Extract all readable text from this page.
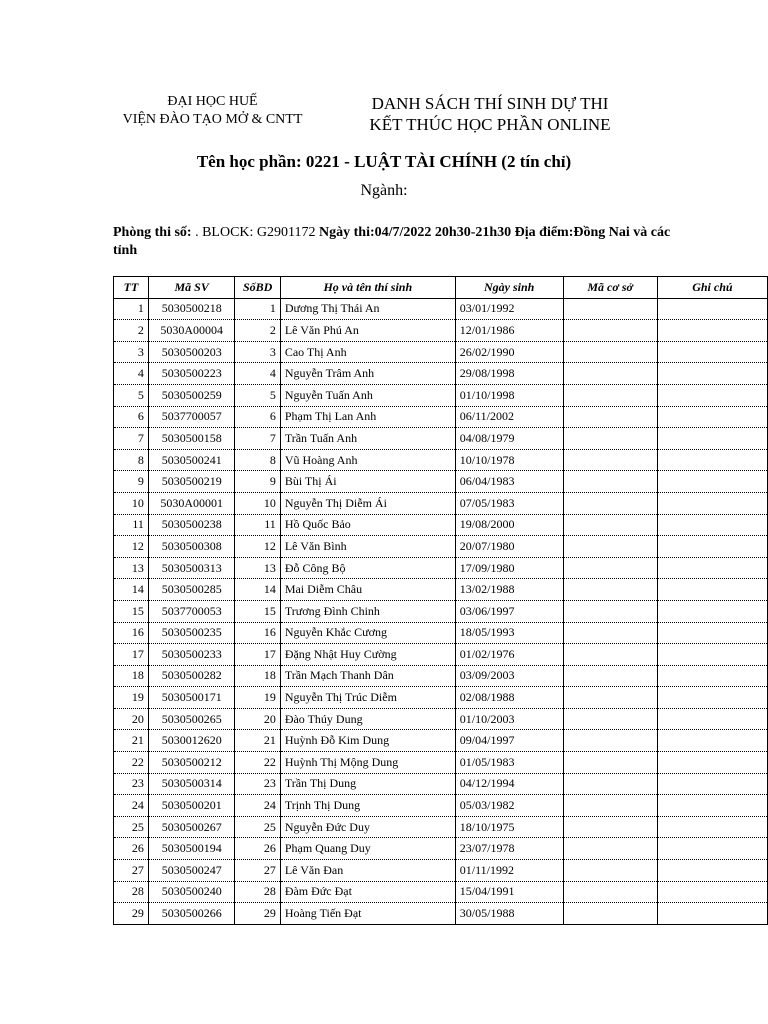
ĐẠI HỌC HUẾ
VIỆN ĐÀO TẠO MỞ & CNTT
DANH SÁCH THÍ SINH DỰ THI
KẾT THÚC HỌC PHẦN ONLINE
Tên học phần: 0221 - LUẬT TÀI CHÍNH (2 tín chỉ)
Ngành:
Phòng thi số: . BLOCK: G2901172 Ngày thi:04/7/2022 20h30-21h30 Địa điểm:Đồng Nai và các tỉnh
TT	Mã SV	SốBD	Họ và tên thí sinh	Ngày sinh	Mã cơ sở	Ghi chú
1	5030500218	1	Dương Thị Thái An	03/01/1992		
2	5030A00004	2	Lê Văn Phú An	12/01/1986		
3	5030500203	3	Cao Thị Anh	26/02/1990		
4	5030500223	4	Nguyễn Trâm Anh	29/08/1998		
5	5030500259	5	Nguyễn Tuấn Anh	01/10/1998		
6	5037700057	6	Phạm Thị Lan Anh	06/11/2002		
7	5030500158	7	Trần Tuấn Anh	04/08/1979		
8	5030500241	8	Vũ Hoàng Anh	10/10/1978		
9	5030500219	9	Bùi Thị Ái	06/04/1983		
10	5030A00001	10	Nguyễn Thị Diễm Ái	07/05/1983		
11	5030500238	11	Hồ Quốc Bảo	19/08/2000		
12	5030500308	12	Lê Văn Bình	20/07/1980		
13	5030500313	13	Đỗ Công Bộ	17/09/1980		
14	5030500285	14	Mai Diễm Châu	13/02/1988		
15	5037700053	15	Trương Đình Chinh	03/06/1997		
16	5030500235	16	Nguyễn Khắc Cương	18/05/1993		
17	5030500233	17	Đặng Nhật Huy Cường	01/02/1976		
18	5030500282	18	Trần Mạch Thanh Dân	03/09/2003		
19	5030500171	19	Nguyễn Thị Trúc Diễm	02/08/1988		
20	5030500265	20	Đào Thúy Dung	01/10/2003		
21	5030012620	21	Huỳnh Đỗ Kim Dung	09/04/1997		
22	5030500212	22	Huỳnh Thị Mộng Dung	01/05/1983		
23	5030500314	23	Trần Thị Dung	04/12/1994		
24	5030500201	24	Trịnh Thị Dung	05/03/1982		
25	5030500267	25	Nguyễn Đức Duy	18/10/1975		
26	5030500194	26	Phạm Quang Duy	23/07/1978		
27	5030500247	27	Lê Văn Đan	01/11/1992		
28	5030500240	28	Đàm Đức Đạt	15/04/1991		
29	5030500266	29	Hoàng Tiến Đạt	30/05/1988		
